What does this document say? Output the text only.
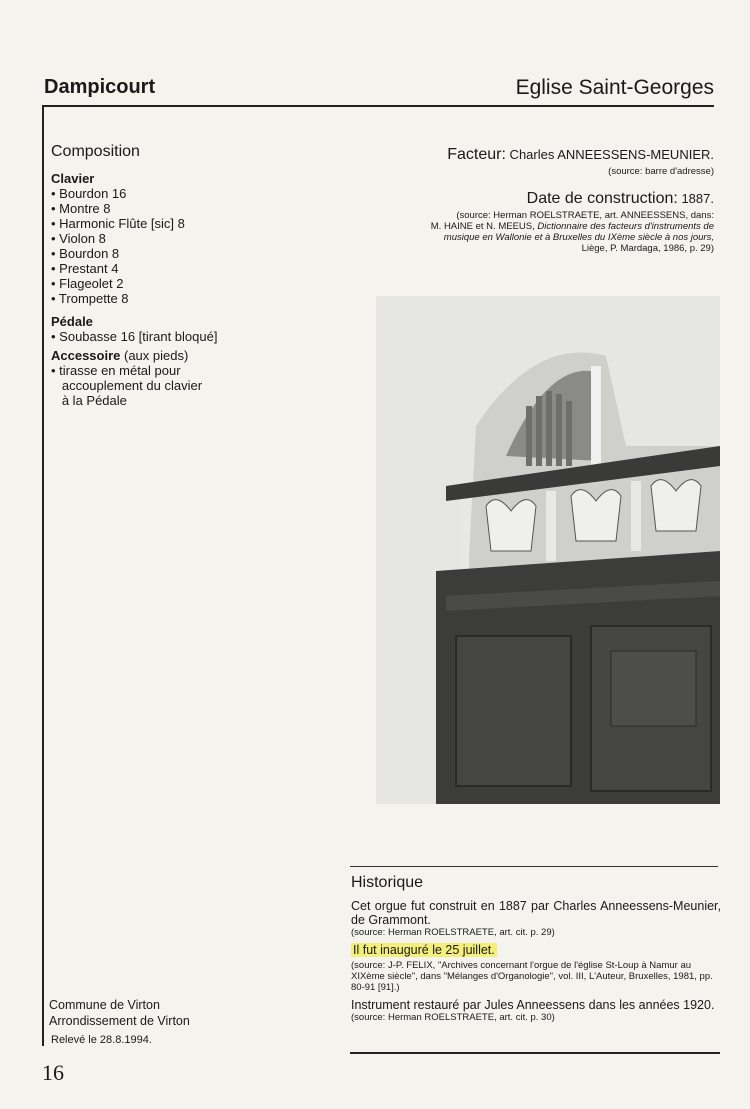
Dampicourt	Eglise Saint-Georges
Composition
Clavier
• Bourdon 16
• Montre 8
• Harmonic Flûte [sic] 8
• Violon 8
• Bourdon 8
• Prestant 4
• Flageolet 2
• Trompette 8
Pédale
• Soubasse 16 [tirant bloqué]
Accessoire (aux pieds)
• tirasse en métal pour
accouplement du clavier
à la Pédale
Facteur: Charles ANNEESSENS-MEUNIER.
(source: barre d'adresse)
Date de construction: 1887.
(source: Herman ROELSTRAETE, art. ANNEESSENS, dans:
M. HAINE et N. MEEUS, Dictionnaire des facteurs d'instruments de
musique en Wallonie et à Bruxelles du IXème siècle à nos jours,
Liège, P. Mardaga, 1986, p. 29)
Historique
Cet orgue fut construit en 1887 par Charles Anneessens-Meunier, de Grammont.
(source: Herman ROELSTRAETE, art. cit. p. 29)
Il fut inauguré le 25 juillet.
(source: J-P. FELIX, "Archives concernant l'orgue de l'église St-Loup à Namur au XIXème siècle", dans "Mélanges d'Organologie", vol. III, L'Auteur, Bruxelles, 1981, pp. 80-91 [91].)
Instrument restauré par Jules Anneessens dans les années 1920.
(source: Herman ROELSTRAETE, art. cit. p. 30)
Commune de Virton
Arrondissement de Virton
Relevé le 28.8.1994.
16
